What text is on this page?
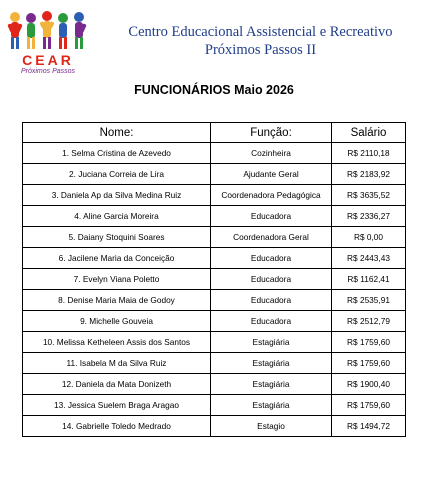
CEAR
Próximos Passos
Centro Educacional Assistencial e Recreativo
Próximos Passos II
FUNCIONÁRIOS Maio 2026
Nome:	Função:	Salário
1. Selma Cristina de Azevedo	Cozinheira	R$ 2110,18
2. Juciana Correia de Lira	Ajudante Geral	R$ 2183,92
3. Daniela Ap da Silva Medina Ruiz	Coordenadora Pedagógica	R$ 3635,52
4. Aline Garcia Moreira	Educadora	R$ 2336,27
5. Daiany Stoquini Soares	Coordenadora Geral	R$ 0,00
6. Jacilene Maria da Conceição	Educadora	R$ 2443,43
7. Evelyn Viana Poletto	Educadora	R$ 1162,41
8. Denise Maria Maia de Godoy	Educadora	R$ 2535,91
9. Michelle Gouveia	Educadora	R$ 2512,79
10. Melissa Ketheleen Assis dos Santos	Estagiária	R$ 1759,60
11. Isabela M da Silva Ruiz	Estagiária	R$ 1759,60
12. Daniela da Mata Donizeth	Estagiária	R$ 1900,40
13. Jessica Suelem Braga Aragao	Estagiária	R$ 1759,60
14. Gabrielle Toledo Medrado	Estagio	R$ 1494,72
